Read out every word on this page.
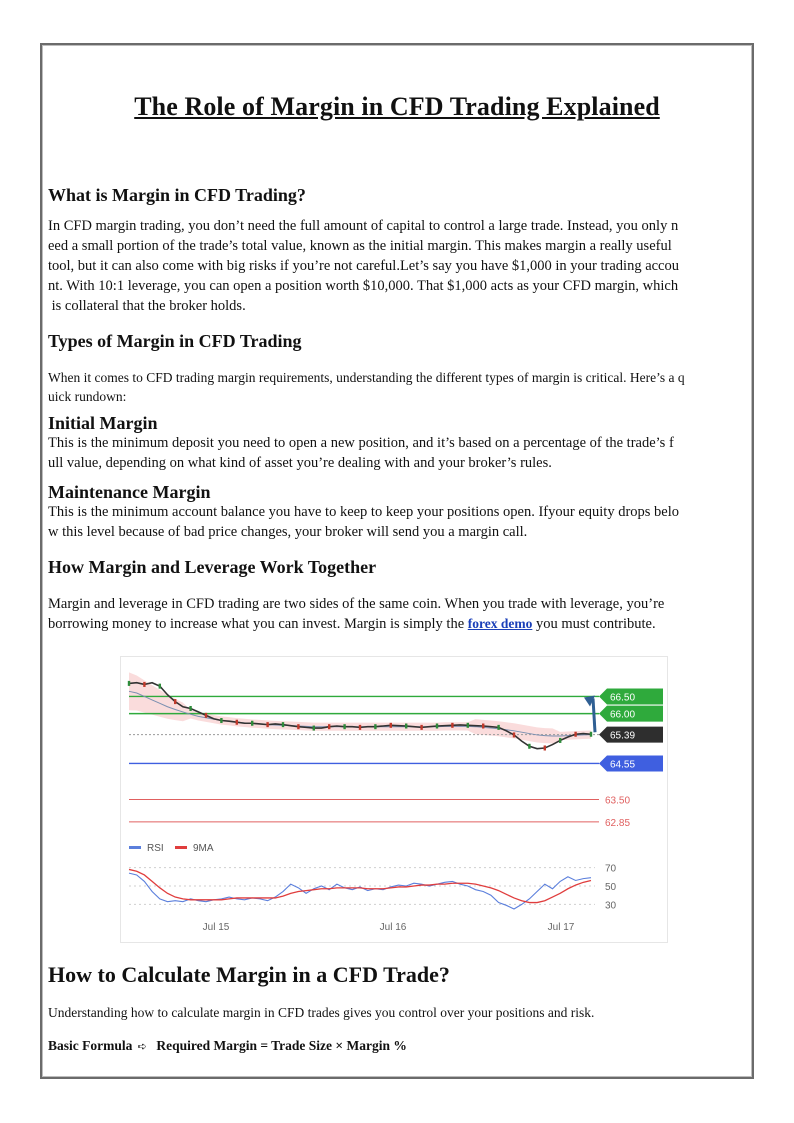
The Role of Margin in CFD Trading Explained
What is Margin in CFD Trading?

In CFD margin trading, you don’t need the full amount of capital to control a large trade. Instead, you only n

eed a small portion of the trade’s total value, known as the initial margin. This makes margin a really useful

tool, but it can also come with big risks if you’re not careful.Let’s say you have $1,000 in your trading accou

nt. With 10:1 leverage, you can open a position worth $10,000. That $1,000 acts as your CFD margin, which

is collateral that the broker holds.

Types of Margin in CFD Trading

When it comes to CFD trading margin requirements, understanding the different types of margin is critical. Here’s a q

uick rundown:

Initial Margin

This is the minimum deposit you need to open a new position, and it’s based on a percentage of the trade’s f

ull value, depending on what kind of asset you’re dealing with and your broker’s rules.

Maintenance Margin

This is the minimum account balance you have to keep to keep your positions open. Ifyour equity drops belo

w this level because of bad price changes, your broker will send you a margin call.

How Margin and Leverage Work Together

Margin and leverage in CFD trading are two sides of the same coin. When you trade with leverage, you’re

borrowing money to increase what you can invest. Margin is simply the forex demo you must contribute.

66.50
66.00
65.39
64.55
63.50
62.85
RSI	9MA
70
50
30
Jul 15	Jul 16	Jul 17
How to Calculate Margin in a CFD Trade?

Understanding how to calculate margin in CFD trades gives you control over your positions and risk.

Basic Formula ➪ Required Margin = Trade Size × Margin %
